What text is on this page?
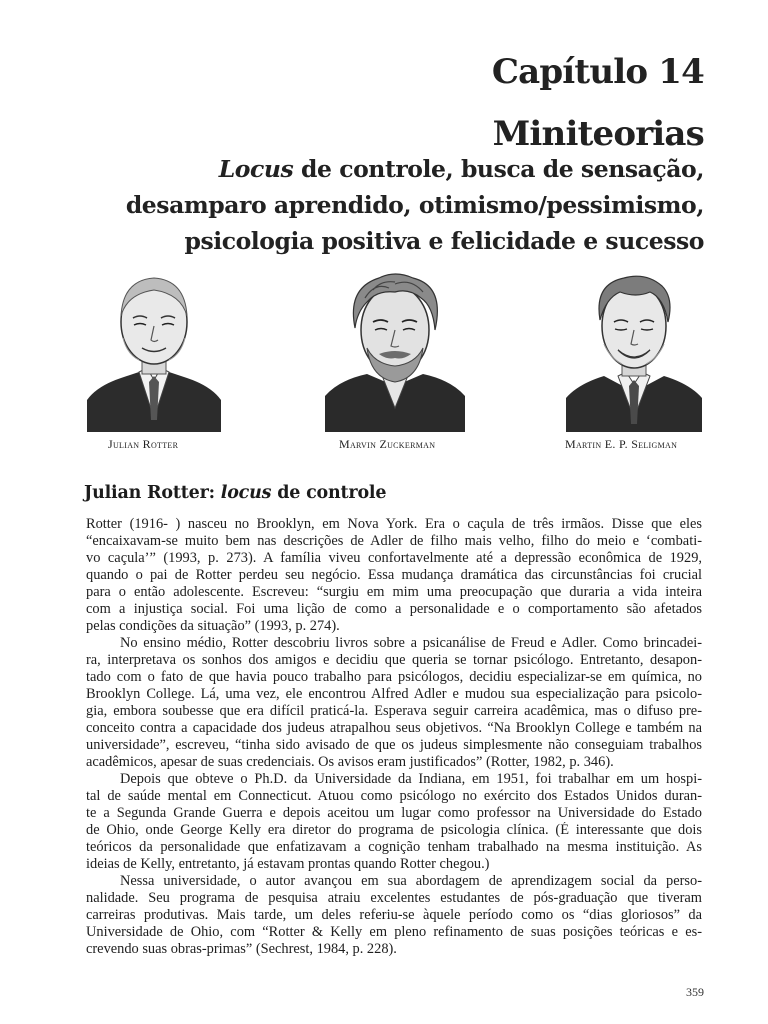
Capítulo 14
Miniteorias
Locus de controle, busca de sensação,
desamparo aprendido, otimismo/pessimismo,
psicologia positiva e felicidade e sucesso
Julian Rotter	Marvin Zuckerman	Martin E. P. Seligman
Julian Rotter: locus de controle
Rotter (1916- ) nasceu no Brooklyn, em Nova York. Era o caçula de três irmãos. Disse que eles
“encaixavam-se muito bem nas descrições de Adler de filho mais velho, filho do meio e ‘combati-
vo caçula’” (1993, p. 273). A família viveu confortavelmente até a depressão econômica de 1929,
quando o pai de Rotter perdeu seu negócio. Essa mudança dramática das circunstâncias foi crucial
para o então adolescente. Escreveu: “surgiu em mim uma preocupação que duraria a vida inteira
com a injustiça social. Foi uma lição de como a personalidade e o comportamento são afetados
pelas condições da situação” (1993, p. 274).
No ensino médio, Rotter descobriu livros sobre a psicanálise de Freud e Adler. Como brincadei-
ra, interpretava os sonhos dos amigos e decidiu que queria se tornar psicólogo. Entretanto, desapon-
tado com o fato de que havia pouco trabalho para psicólogos, decidiu especializar-se em química, no
Brooklyn College. Lá, uma vez, ele encontrou Alfred Adler e mudou sua especialização para psicolo-
gia, embora soubesse que era difícil praticá-la. Esperava seguir carreira acadêmica, mas o difuso pre-
conceito contra a capacidade dos judeus atrapalhou seus objetivos. “Na Brooklyn College e também na
universidade”, escreveu, “tinha sido avisado de que os judeus simplesmente não conseguiam trabalhos
acadêmicos, apesar de suas credenciais. Os avisos eram justificados” (Rotter, 1982, p. 346).
Depois que obteve o Ph.D. da Universidade da Indiana, em 1951, foi trabalhar em um hospi-
tal de saúde mental em Connecticut. Atuou como psicólogo no exército dos Estados Unidos duran-
te a Segunda Grande Guerra e depois aceitou um lugar como professor na Universidade do Estado
de Ohio, onde George Kelly era diretor do programa de psicologia clínica. (É interessante que dois
teóricos da personalidade que enfatizavam a cognição tenham trabalhado na mesma instituição. As
ideias de Kelly, entretanto, já estavam prontas quando Rotter chegou.)
Nessa universidade, o autor avançou em sua abordagem de aprendizagem social da perso-
nalidade. Seu programa de pesquisa atraiu excelentes estudantes de pós-graduação que tiveram
carreiras produtivas. Mais tarde, um deles referiu-se àquele período como os “dias gloriosos” da
Universidade de Ohio, com “Rotter & Kelly em pleno refinamento de suas posições teóricas e es-
crevendo suas obras-primas” (Sechrest, 1984, p. 228).
359
